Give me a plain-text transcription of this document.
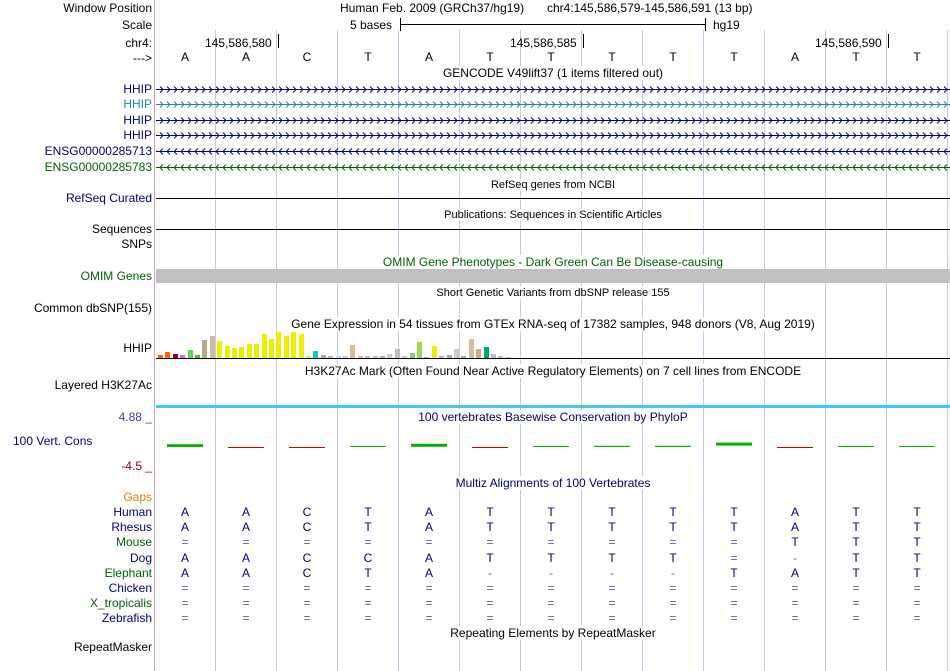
Window Position	Human Feb. 2009 (GRCh37/hg19) chr4:145,586,579-145,586,591 (13 bp)
Scale	5 bases	hg19
chr4:	145,586,580	145,586,585	145,586,590
---> A	A	C	T	A	T	T	T	T	T	A	T	T
GENCODE V49lift37 (1 items filtered out)
HHIP
HHIP
HHIP
HHIP
ENSG00000285713
ENSG00000285783
RefSeq genes from NCBI
RefSeq Curated
Publications: Sequences in Scientific Articles
Sequences
SNPs
OMIM Gene Phenotypes - Dark Green Can Be Disease-causing
OMIM Genes
Short Genetic Variants from dbSNP release 155
Common dbSNP(155)
Gene Expression in 54 tissues from GTEx RNA-seq of 17382 samples, 948 donors (V8, Aug 2019)
HHIP
H3K27Ac Mark (Often Found Near Active Regulatory Elements) on 7 cell lines from ENCODE
Layered H3K27Ac
100 vertebrates Basewise Conservation by PhyloP
4.88 _
100 Vert. Cons
-4.5 _
Multiz Alignments of 100 Vertebrates
Gaps
Human A	A	C	T	A	T	T	T	T	T	A	T	T
Rhesus A	A	C	T	A	T	T	T	T	T	A	T	T
Mouse =	=	=	=	=	=	=	=	=	=	T	T	T
Dog A	A	C	C	A	T	T	T	T	=	-	T	T
Elephant A	A	C	T	A	-	-	-	-	T	A	T	T
Chicken =	=	=	=	=	=	=	=	=	=	=	=	=
X_tropicalis =	=	=	=	=	=	=	=	=	=	=	=	=
Zebrafish =	=	=	=	=	=	=	=	=	=	=	=	=
Repeating Elements by RepeatMasker
RepeatMasker
